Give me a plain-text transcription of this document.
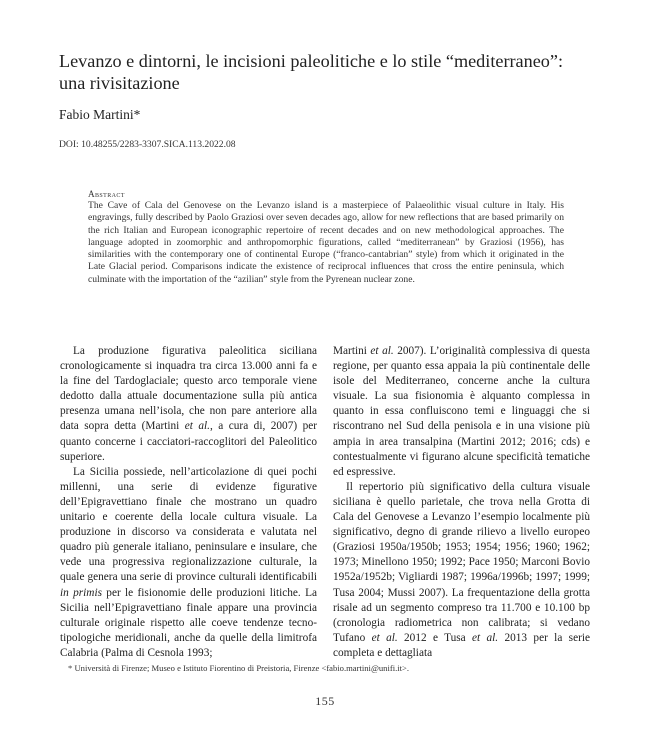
Levanzo e dintorni, le incisioni paleolitiche e lo stile “mediterraneo”: una rivisitazione
Fabio Martini*
DOI: 10.48255/2283-3307.SICA.113.2022.08
Abstract
The Cave of Cala del Genovese on the Levanzo island is a masterpiece of Palaeolithic visual culture in Italy. His engravings, fully described by Paolo Graziosi over seven decades ago, allow for new reflections that are based primarily on the rich Italian and European iconographic repertoire of recent decades and on new methodological approaches. The language adopted in zoomorphic and anthropomorphic figurations, called “mediterranean” by Graziosi (1956), has similarities with the contemporary one of continental Europe (“franco-cantabrian” style) from which it originated in the Late Glacial period. Comparisons indicate the existence of reciprocal influences that cross the entire peninsula, which culminate with the importation of the “azilian” style from the Pyrenean nuclear zone.

La produzione figurativa paleolitica siciliana cronologicamente si inquadra tra circa 13.000 anni fa e la fine del Tardoglaciale; questo arco temporale viene dedotto dalla attuale documentazione sulla più antica presenza umana nell’isola, che non pare anteriore alla data sopra detta (Martini et al., a cura di, 2007) per quanto concerne i cacciatori-raccoglitori del Paleolitico superiore.

La Sicilia possiede, nell’articolazione di quei pochi millenni, una serie di evidenze figurative dell’Epigravettiano finale che mostrano un quadro unitario e coerente della locale cultura visuale. La produzione in discorso va considerata e valutata nel quadro più generale italiano, peninsulare e insulare, che vede una progressiva regionalizzazione culturale, la quale genera una serie di province culturali identificabili in primis per le fisionomie delle produzioni litiche. La Sicilia nell’Epigravettiano finale appare una provincia culturale originale rispetto alle coeve tendenze tecno-tipologiche meridionali, anche da quelle della limitrofa Calabria (Palma di Cesnola 1993;

Martini et al. 2007). L’originalità complessiva di questa regione, per quanto essa appaia la più continentale delle isole del Mediterraneo, concerne anche la cultura visuale. La sua fisionomia è alquanto complessa in quanto in essa confluiscono temi e linguaggi che si riscontrano nel Sud della penisola e in una visione più ampia in area transalpina (Martini 2012; 2016; cds) e contestualmente vi figurano alcune specificità tematiche ed espressive.

Il repertorio più significativo della cultura visuale siciliana è quello parietale, che trova nella Grotta di Cala del Genovese a Levanzo l’esempio localmente più significativo, degno di grande rilievo a livello europeo (Graziosi 1950a/1950b; 1953; 1954; 1956; 1960; 1962; 1973; Minellono 1950; 1992; Pace 1950; Marconi Bovio 1952a/1952b; Vigliardi 1987; 1996a/1996b; 1997; 1999; Tusa 2004; Mussi 2007). La frequentazione della grotta risale ad un segmento compreso tra 11.700 e 10.100 bp (cronologia radiometrica non calibrata; si vedano Tufano et al. 2012 e Tusa et al. 2013 per la serie completa e dettagliata

* Università di Firenze; Museo e Istituto Fiorentino di Preistoria, Firenze <fabio.martini@unifi.it>.
155
